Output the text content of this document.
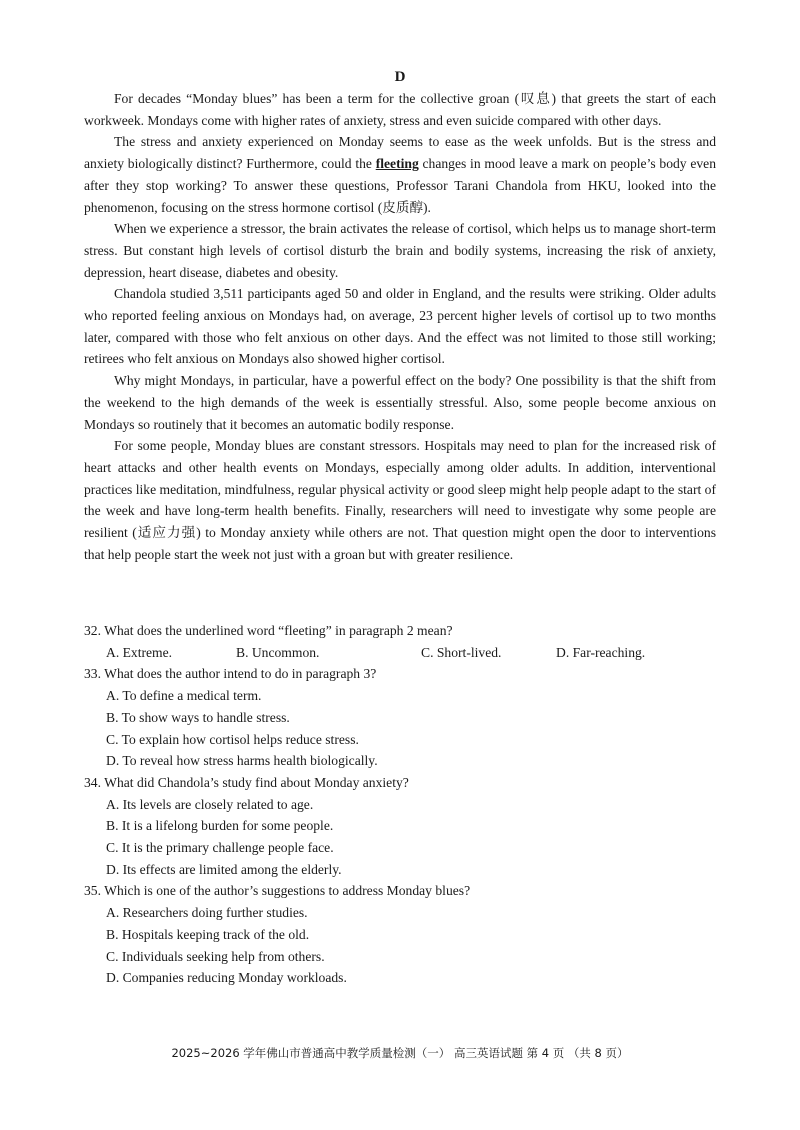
D

For decades “Monday blues” has been a term for the collective groan (叹息) that greets the start of each workweek. Mondays come with higher rates of anxiety, stress and even suicide compared with other days.

The stress and anxiety experienced on Monday seems to ease as the week unfolds. But is the stress and anxiety biologically distinct? Furthermore, could the fleeting changes in mood leave a mark on people’s body even after they stop working? To answer these questions, Professor Tarani Chandola from HKU, looked into the phenomenon, focusing on the stress hormone cortisol (皮质醇).

When we experience a stressor, the brain activates the release of cortisol, which helps us to manage short-term stress. But constant high levels of cortisol disturb the brain and bodily systems, increasing the risk of anxiety, depression, heart disease, diabetes and obesity.

Chandola studied 3,511 participants aged 50 and older in England, and the results were striking. Older adults who reported feeling anxious on Mondays had, on average, 23 percent higher levels of cortisol up to two months later, compared with those who felt anxious on other days. And the effect was not limited to those still working; retirees who felt anxious on Mondays also showed higher cortisol.

Why might Mondays, in particular, have a powerful effect on the body? One possibility is that the shift from the weekend to the high demands of the week is essentially stressful. Also, some people become anxious on Mondays so routinely that it becomes an automatic bodily response.

For some people, Monday blues are constant stressors. Hospitals may need to plan for the increased risk of heart attacks and other health events on Mondays, especially among older adults. In addition, interventional practices like meditation, mindfulness, regular physical activity or good sleep might help people adapt to the start of the week and have long-term health benefits. Finally, researchers will need to investigate why some people are resilient (适应力强) to Monday anxiety while others are not. That question might open the door to interventions that help people start the week not just with a groan but with greater resilience.

32. What does the underlined word “fleeting” in paragraph 2 mean?

A. Extreme.	B. Uncommon.	C. Short-lived.	D. Far-reaching.

33. What does the author intend to do in paragraph 3?

A. To define a medical term.

B. To show ways to handle stress.

C. To explain how cortisol helps reduce stress.

D. To reveal how stress harms health biologically.

34. What did Chandola’s study find about Monday anxiety?

A. Its levels are closely related to age.

B. It is a lifelong burden for some people.

C. It is the primary challenge people face.

D. Its effects are limited among the elderly.

35. Which is one of the author’s suggestions to address Monday blues?

A. Researchers doing further studies.

B. Hospitals keeping track of the old.

C. Individuals seeking help from others.

D. Companies reducing Monday workloads.

2025~2026 学年佛山市普通高中教学质量检测（一） 高三英语试题 第 4 页 （共 8 页）
